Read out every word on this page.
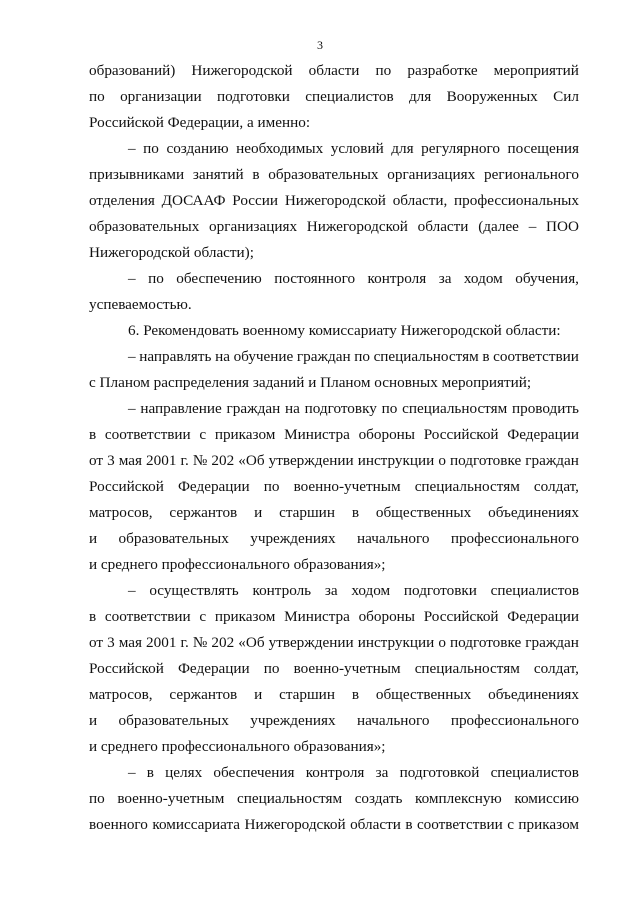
3
образований) Нижегородской области по разработке мероприятий
по организации подготовки специалистов для Вооруженных Сил
Российской Федерации, а именно:
– по созданию необходимых условий для регулярного посещения
призывниками занятий в образовательных организациях регионального
отделения ДОСААФ России Нижегородской области, профессиональных
образовательных организациях Нижегородской области (далее – ПОО
Нижегородской области);
– по обеспечению постоянного контроля за ходом обучения,
успеваемостью.
6. Рекомендовать военному комиссариату Нижегородской области:
– направлять на обучение граждан по специальностям в соответствии
с Планом распределения заданий и Планом основных мероприятий;
– направление граждан на подготовку по специальностям проводить
в соответствии с приказом Министра обороны Российской Федерации
от 3 мая 2001 г. № 202 «Об утверждении инструкции о подготовке граждан
Российской Федерации по военно-учетным специальностям солдат,
матросов, сержантов и старшин в общественных объединениях
и образовательных учреждениях начального профессионального
и среднего профессионального образования»;
– осуществлять контроль за ходом подготовки специалистов
в соответствии с приказом Министра обороны Российской Федерации
от 3 мая 2001 г. № 202 «Об утверждении инструкции о подготовке граждан
Российской Федерации по военно-учетным специальностям солдат,
матросов, сержантов и старшин в общественных объединениях
и образовательных учреждениях начального профессионального
и среднего профессионального образования»;
– в целях обеспечения контроля за подготовкой специалистов
по военно-учетным специальностям создать комплексную комиссию
военного комиссариата Нижегородской области в соответствии с приказом
